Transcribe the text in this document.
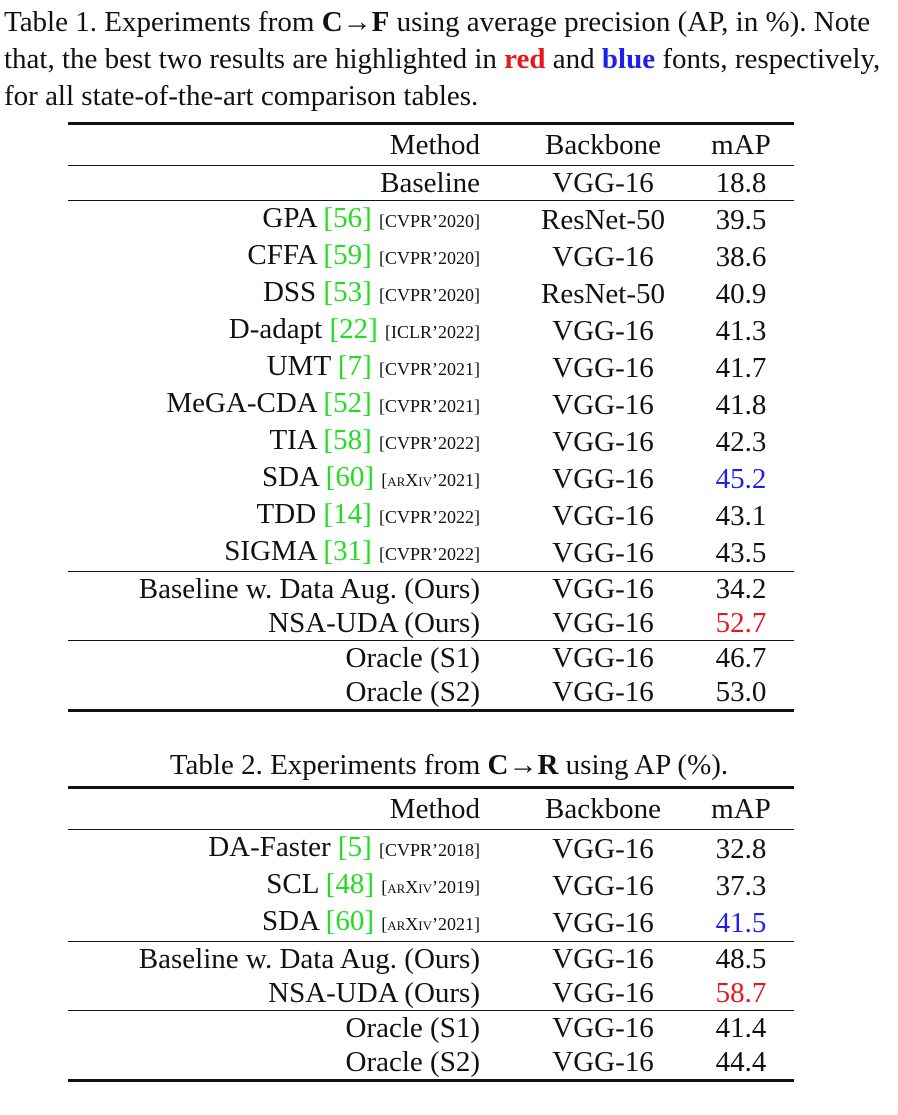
Table 1. Experiments from C→F using average precision (AP, in %). Note that, the best two results are highlighted in red and blue fonts, respectively, for all state-of-the-art comparison tables.

Method	Backbone	mAP
Baseline	VGG-16	18.8
GPA [56] [CVPR’2020]	ResNet-50	39.5
CFFA [59] [CVPR’2020]	VGG-16	38.6
DSS [53] [CVPR’2020]	ResNet-50	40.9
D-adapt [22] [ICLR’2022]	VGG-16	41.3
UMT [7] [CVPR’2021]	VGG-16	41.7
MeGA-CDA [52] [CVPR’2021]	VGG-16	41.8
TIA [58] [CVPR’2022]	VGG-16	42.3
SDA [60] [arXiv’2021]	VGG-16	45.2
TDD [14] [CVPR’2022]	VGG-16	43.1
SIGMA [31] [CVPR’2022]	VGG-16	43.5
Baseline w. Data Aug. (Ours)	VGG-16	34.2
NSA-UDA (Ours)	VGG-16	52.7
Oracle (S1)	VGG-16	46.7
Oracle (S2)	VGG-16	53.0

Table 2. Experiments from C→R using AP (%).

Method	Backbone	mAP
DA-Faster [5] [CVPR’2018]	VGG-16	32.8
SCL [48] [arXiv’2019]	VGG-16	37.3
SDA [60] [arXiv’2021]	VGG-16	41.5
Baseline w. Data Aug. (Ours)	VGG-16	48.5
NSA-UDA (Ours)	VGG-16	58.7
Oracle (S1)	VGG-16	41.4
Oracle (S2)	VGG-16	44.4
